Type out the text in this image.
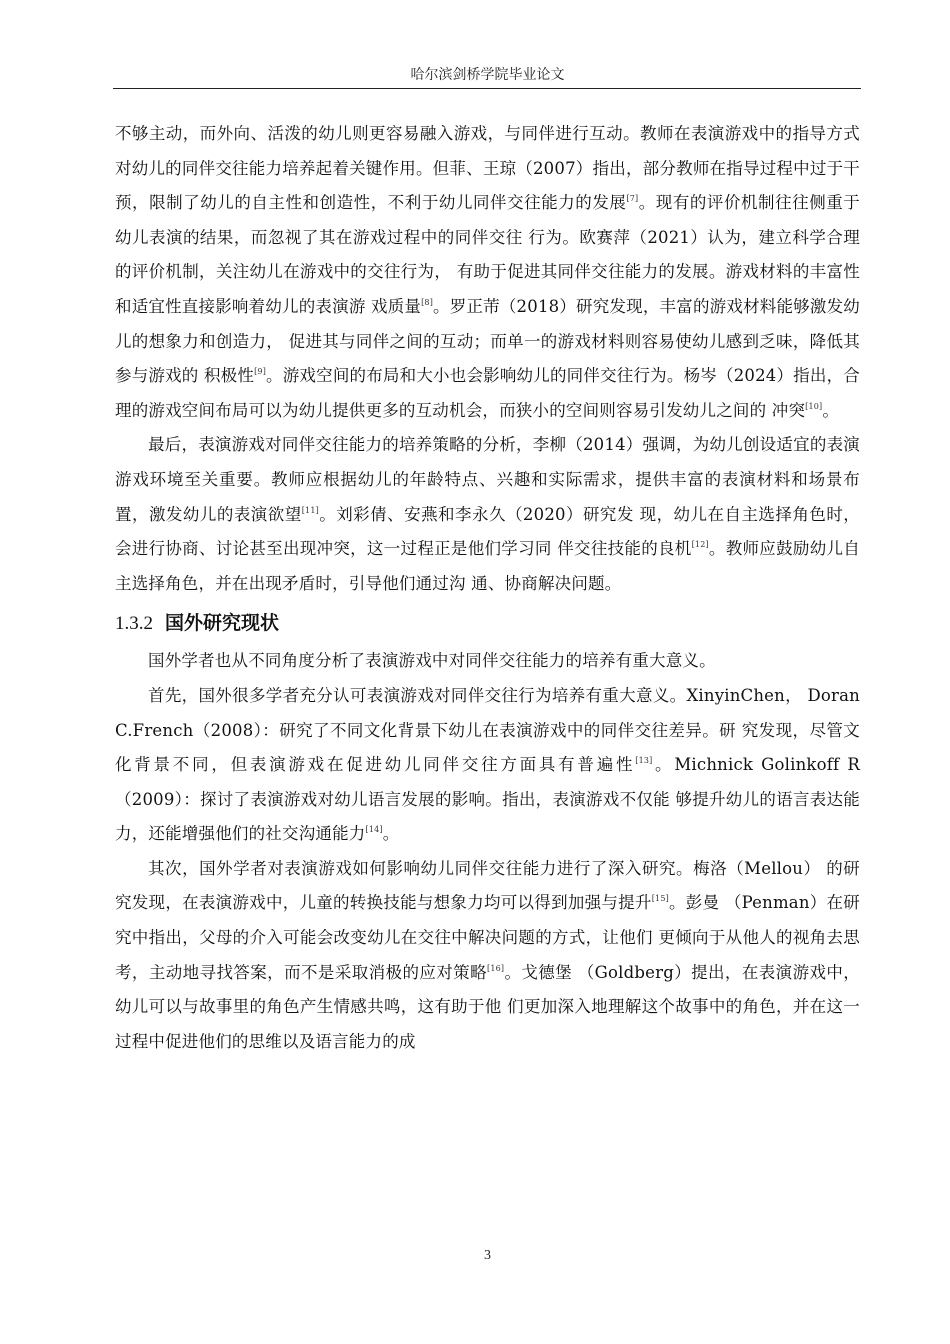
哈尔滨剑桥学院毕业论文

不够主动，而外向、活泼的幼儿则更容易融入游戏，与同伴进行互动。教师在表演游戏中的指导方式对幼儿的同伴交往能力培养起着关键作用。但菲、王琼（2007）指出，部分教师在指导过程中过于干预，限制了幼儿的自主性和创造性，不利于幼儿同伴交往能力的发展[7]。现有的评价机制往往侧重于幼儿表演的结果，而忽视了其在游戏过程中的同伴交往 行为。欧赛萍（2021）认为，建立科学合理的评价机制，关注幼儿在游戏中的交往行为， 有助于促进其同伴交往能力的发展。游戏材料的丰富性和适宜性直接影响着幼儿的表演游 戏质量[8]。罗正芾（2018）研究发现，丰富的游戏材料能够激发幼儿的想象力和创造力， 促进其与同伴之间的互动；而单一的游戏材料则容易使幼儿感到乏味，降低其参与游戏的 积极性[9]。游戏空间的布局和大小也会影响幼儿的同伴交往行为。杨岑（2024）指出，合 理的游戏空间布局可以为幼儿提供更多的互动机会，而狭小的空间则容易引发幼儿之间的 冲突[10]。

最后，表演游戏对同伴交往能力的培养策略的分析，李柳（2014）强调，为幼儿创设适宜的表演游戏环境至关重要。教师应根据幼儿的年龄特点、兴趣和实际需求，提供丰富的表演材料和场景布置，激发幼儿的表演欲望[11]。刘彩倩、安燕和李永久（2020）研究发 现，幼儿在自主选择角色时，会进行协商、讨论甚至出现冲突，这一过程正是他们学习同 伴交往技能的良机[12]。教师应鼓励幼儿自主选择角色，并在出现矛盾时，引导他们通过沟 通、协商解决问题。

1.3.2 国外研究现状

国外学者也从不同角度分析了表演游戏中对同伴交往能力的培养有重大意义。

首先，国外很多学者充分认可表演游戏对同伴交往行为培养有重大意义。XinyinChen， Doran C.French（2008）：研究了不同文化背景下幼儿在表演游戏中的同伴交往差异。研 究发现，尽管文化背景不同，但表演游戏在促进幼儿同伴交往方面具有普遍性[13]。Michnick Golinkoff R（2009）：探讨了表演游戏对幼儿语言发展的影响。指出，表演游戏不仅能 够提升幼儿的语言表达能力，还能增强他们的社交沟通能力[14]。

其次，国外学者对表演游戏如何影响幼儿同伴交往能力进行了深入研究。梅洛（Mellou） 的研究发现，在表演游戏中，儿童的转换技能与想象力均可以得到加强与提升[15]。彭曼 （Penman）在研究中指出，父母的介入可能会改变幼儿在交往中解决问题的方式，让他们 更倾向于从他人的视角去思考，主动地寻找答案，而不是采取消极的应对策略[16]。戈德堡 （Goldberg）提出，在表演游戏中，幼儿可以与故事里的角色产生情感共鸣，这有助于他 们更加深入地理解这个故事中的角色，并在这一过程中促进他们的思维以及语言能力的成

3
